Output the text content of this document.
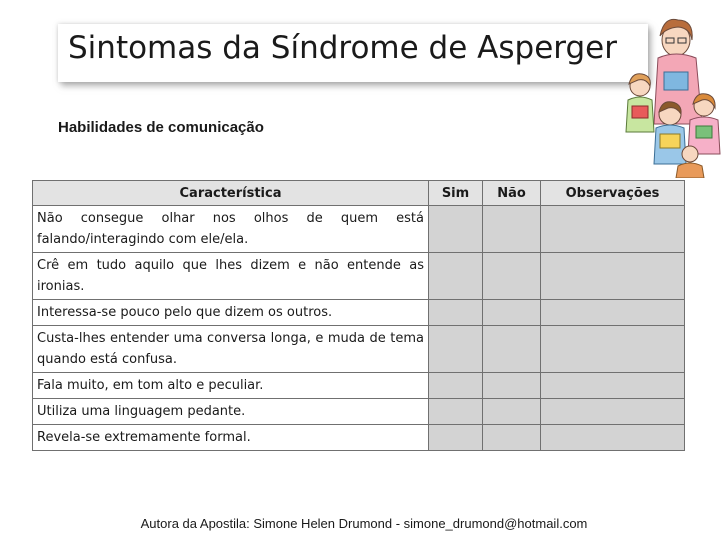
Sintomas da Síndrome de Asperger
Habilidades de comunicação
Característica	Sim	Não	Observações
Não consegue olhar nos olhos de quem está falando/interagindo com ele/ela.			
Crê em tudo aquilo que lhes dizem e não entende as ironias.			
Interessa-se pouco pelo que dizem os outros.			
Custa-lhes entender uma conversa longa, e muda de tema quando está confusa.			
Fala muito, em tom alto e peculiar.			
Utiliza uma linguagem pedante.			
Revela-se extremamente formal.			
Autora da Apostila: Simone Helen Drumond - simone_drumond@hotmail.com
